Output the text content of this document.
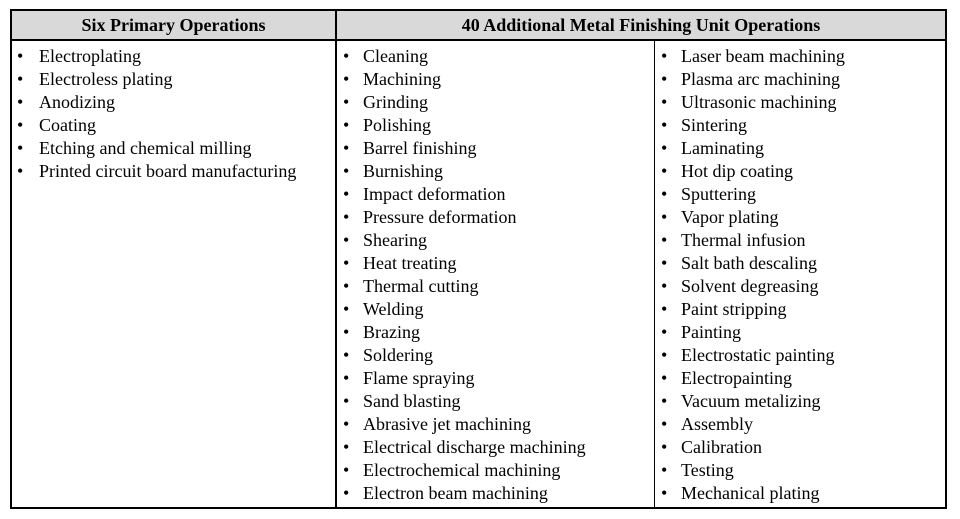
Six Primary Operations	40 Additional Metal Finishing Unit Operations
• Electroplating
• Electroless plating
• Anodizing
• Coating
• Etching and chemical milling
• Printed circuit board manufacturing
• Cleaning
• Machining
• Grinding
• Polishing
• Barrel finishing
• Burnishing
• Impact deformation
• Pressure deformation
• Shearing
• Heat treating
• Thermal cutting
• Welding
• Brazing
• Soldering
• Flame spraying
• Sand blasting
• Abrasive jet machining
• Electrical discharge machining
• Electrochemical machining
• Electron beam machining
• Laser beam machining
• Plasma arc machining
• Ultrasonic machining
• Sintering
• Laminating
• Hot dip coating
• Sputtering
• Vapor plating
• Thermal infusion
• Salt bath descaling
• Solvent degreasing
• Paint stripping
• Painting
• Electrostatic painting
• Electropainting
• Vacuum metalizing
• Assembly
• Calibration
• Testing
• Mechanical plating
